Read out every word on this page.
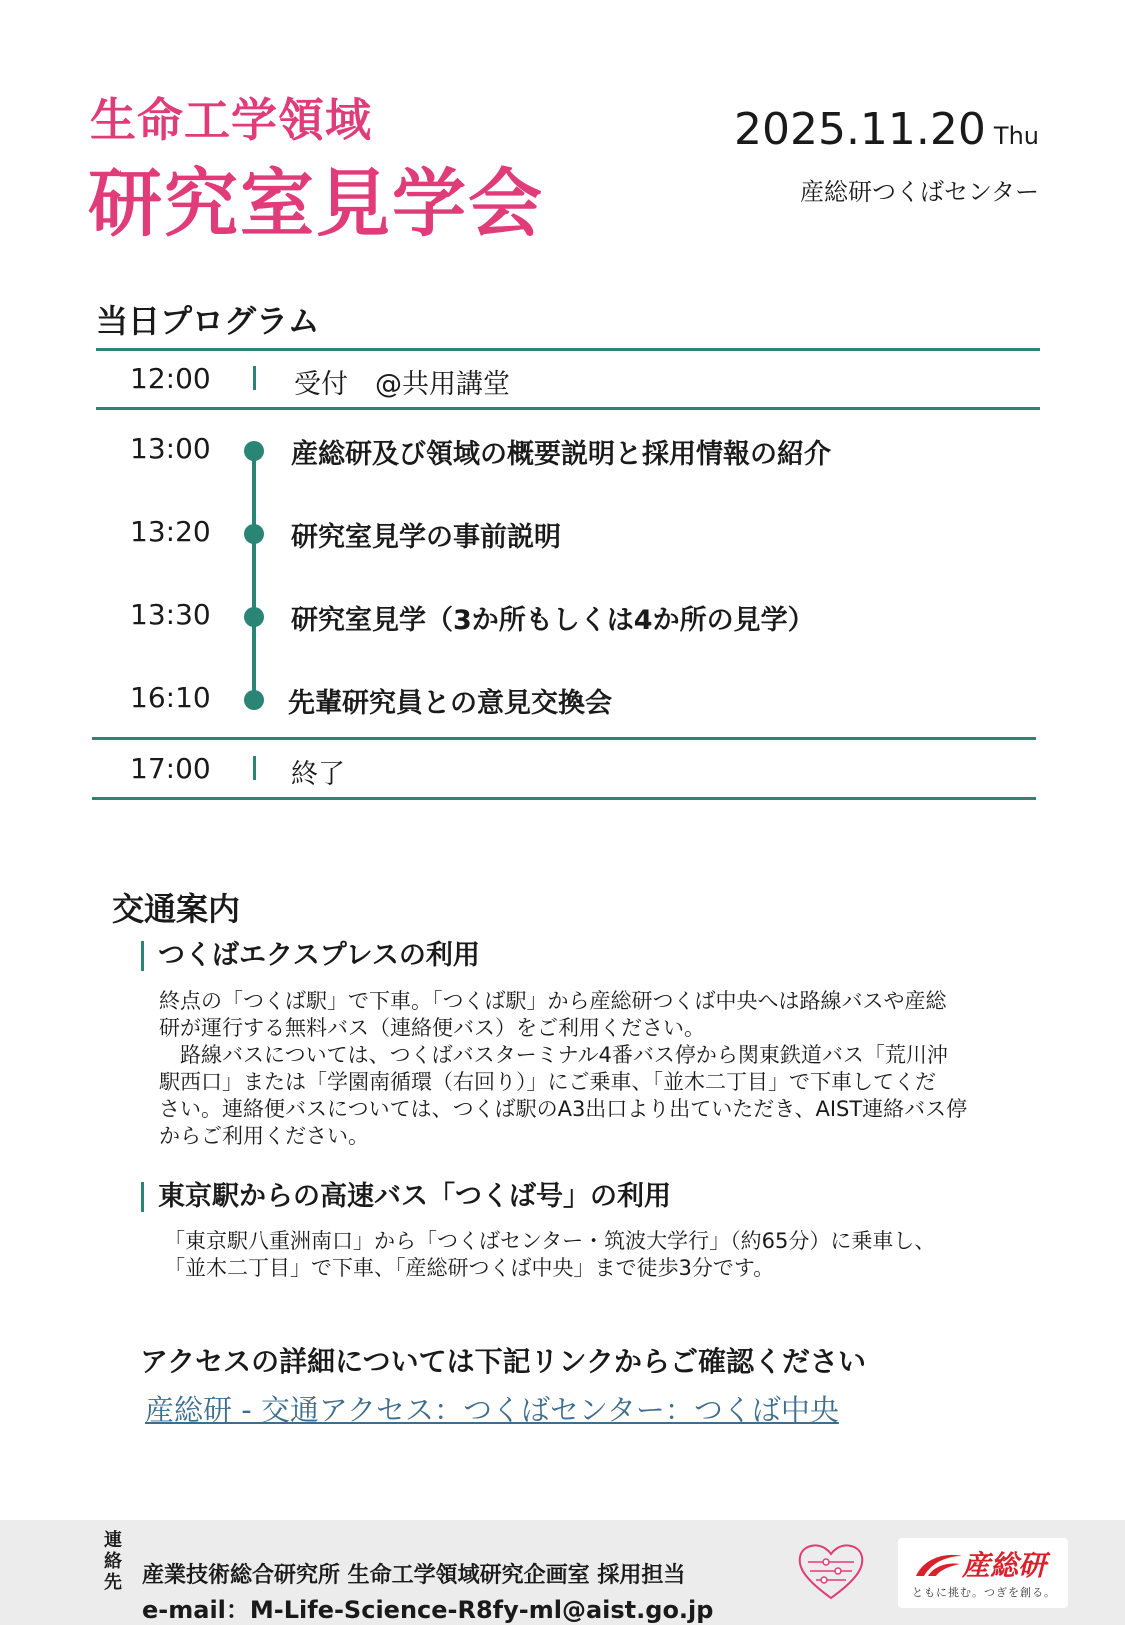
生命工学領域
研究室見学会
2025.11.20 Thu
産総研つくばセンター
当日プログラム
12:00	受付　@共用講堂
13:00	産総研及び領域の概要説明と採用情報の紹介
13:20	研究室見学の事前説明
13:30	研究室見学（3か所もしくは4か所の見学）
16:10	先輩研究員との意見交換会
17:00	終了
交通案内
つくばエクスプレスの利用
終点の「つくば駅」で下車。「つくば駅」から産総研つくば中央へは路線バスや産総
研が運行する無料バス（連絡便バス）をご利用ください。
　路線バスについては、つくばバスターミナル4番バス停から関東鉄道バス「荒川沖
駅西口」または「学園南循環（右回り）」にご乗車、「並木二丁目」で下車してくだ
さい。連絡便バスについては、つくば駅のA3出口より出ていただき、AIST連絡バス停
からご利用ください。
東京駅からの高速バス「つくば号」の利用
「東京駅八重洲南口」から「つくばセンター・筑波大学行」（約65分）に乗車し、
「並木二丁目」で下車、「産総研つくば中央」まで徒歩3分です。
アクセスの詳細については下記リンクからご確認ください
産総研 - 交通アクセス：つくばセンター：つくば中央
連
絡
先 産業技術総合研究所 生命工学領域研究企画室 採用担当
e-mail：M-Life-Science-R8fy-ml@aist.go.jp
産総研
ともに挑む。つぎを創る。
